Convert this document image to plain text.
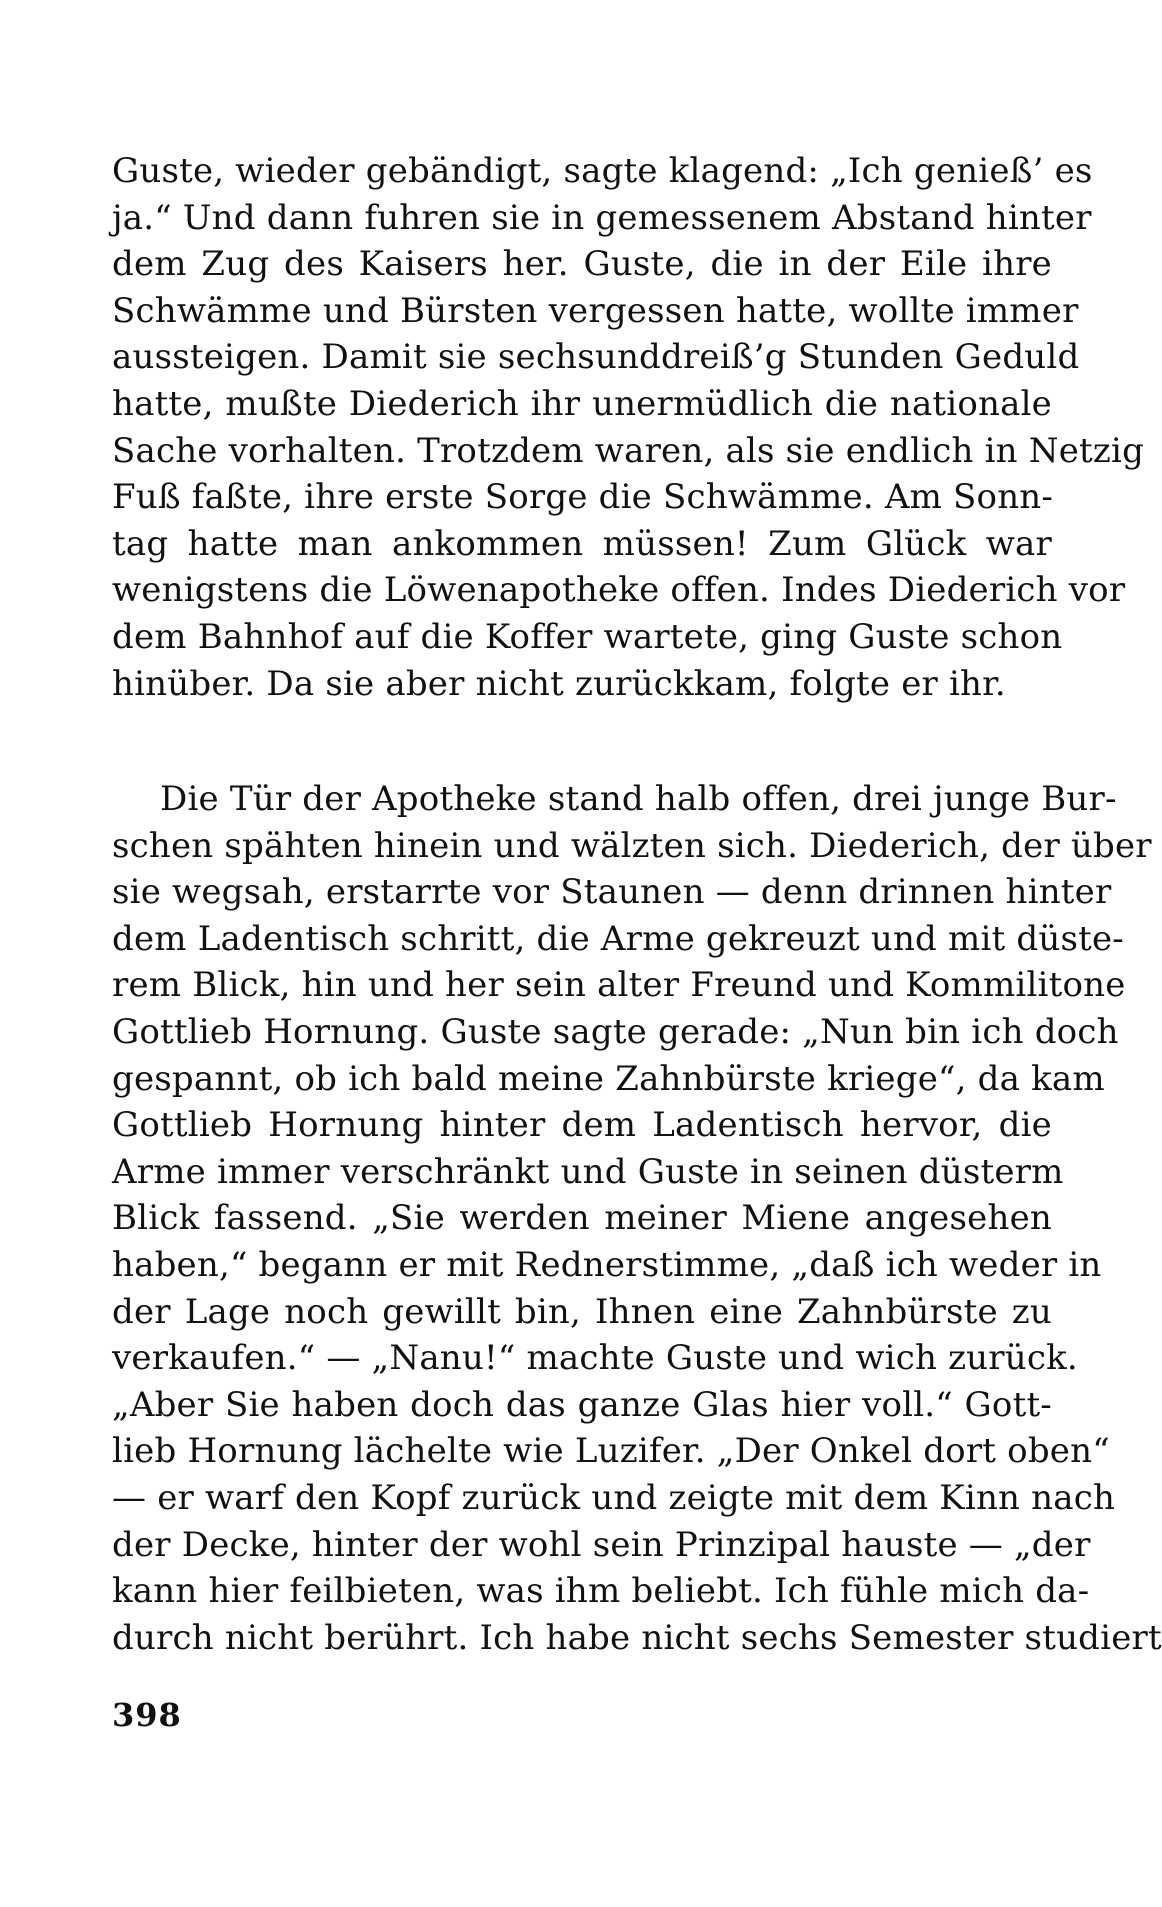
Guste, wieder gebändigt, sagte klagend: „Ich genieß’ es
ja.“ Und dann fuhren sie in gemessenem Abstand hinter
dem Zug des Kaisers her. Guste, die in der Eile ihre
Schwämme und Bürsten vergessen hatte, wollte immer
aussteigen. Damit sie sechsunddreiß’g Stunden Geduld
hatte, mußte Diederich ihr unermüdlich die nationale
Sache vorhalten. Trotzdem waren, als sie endlich in Netzig
Fuß faßte, ihre erste Sorge die Schwämme. Am Sonn-
tag hatte man ankommen müssen! Zum Glück war
wenigstens die Löwenapotheke offen. Indes Diederich vor
dem Bahnhof auf die Koffer wartete, ging Guste schon
hinüber. Da sie aber nicht zurückkam, folgte er ihr.
Die Tür der Apotheke stand halb offen, drei junge Bur-
schen spähten hinein und wälzten sich. Diederich, der über
sie wegsah, erstarrte vor Staunen — denn drinnen hinter
dem Ladentisch schritt, die Arme gekreuzt und mit düste-
rem Blick, hin und her sein alter Freund und Kommilitone
Gottlieb Hornung. Guste sagte gerade: „Nun bin ich doch
gespannt, ob ich bald meine Zahnbürste kriege“, da kam
Gottlieb Hornung hinter dem Ladentisch hervor, die
Arme immer verschränkt und Guste in seinen düsterm
Blick fassend. „Sie werden meiner Miene angesehen
haben,“ begann er mit Rednerstimme, „daß ich weder in
der Lage noch gewillt bin, Ihnen eine Zahnbürste zu
verkaufen.“ — „Nanu!“ machte Guste und wich zurück.
„Aber Sie haben doch das ganze Glas hier voll.“ Gott-
lieb Hornung lächelte wie Luzifer. „Der Onkel dort oben“
— er warf den Kopf zurück und zeigte mit dem Kinn nach
der Decke, hinter der wohl sein Prinzipal hauste — „der
kann hier feilbieten, was ihm beliebt. Ich fühle mich da-
durch nicht berührt. Ich habe nicht sechs Semester studiert

398
